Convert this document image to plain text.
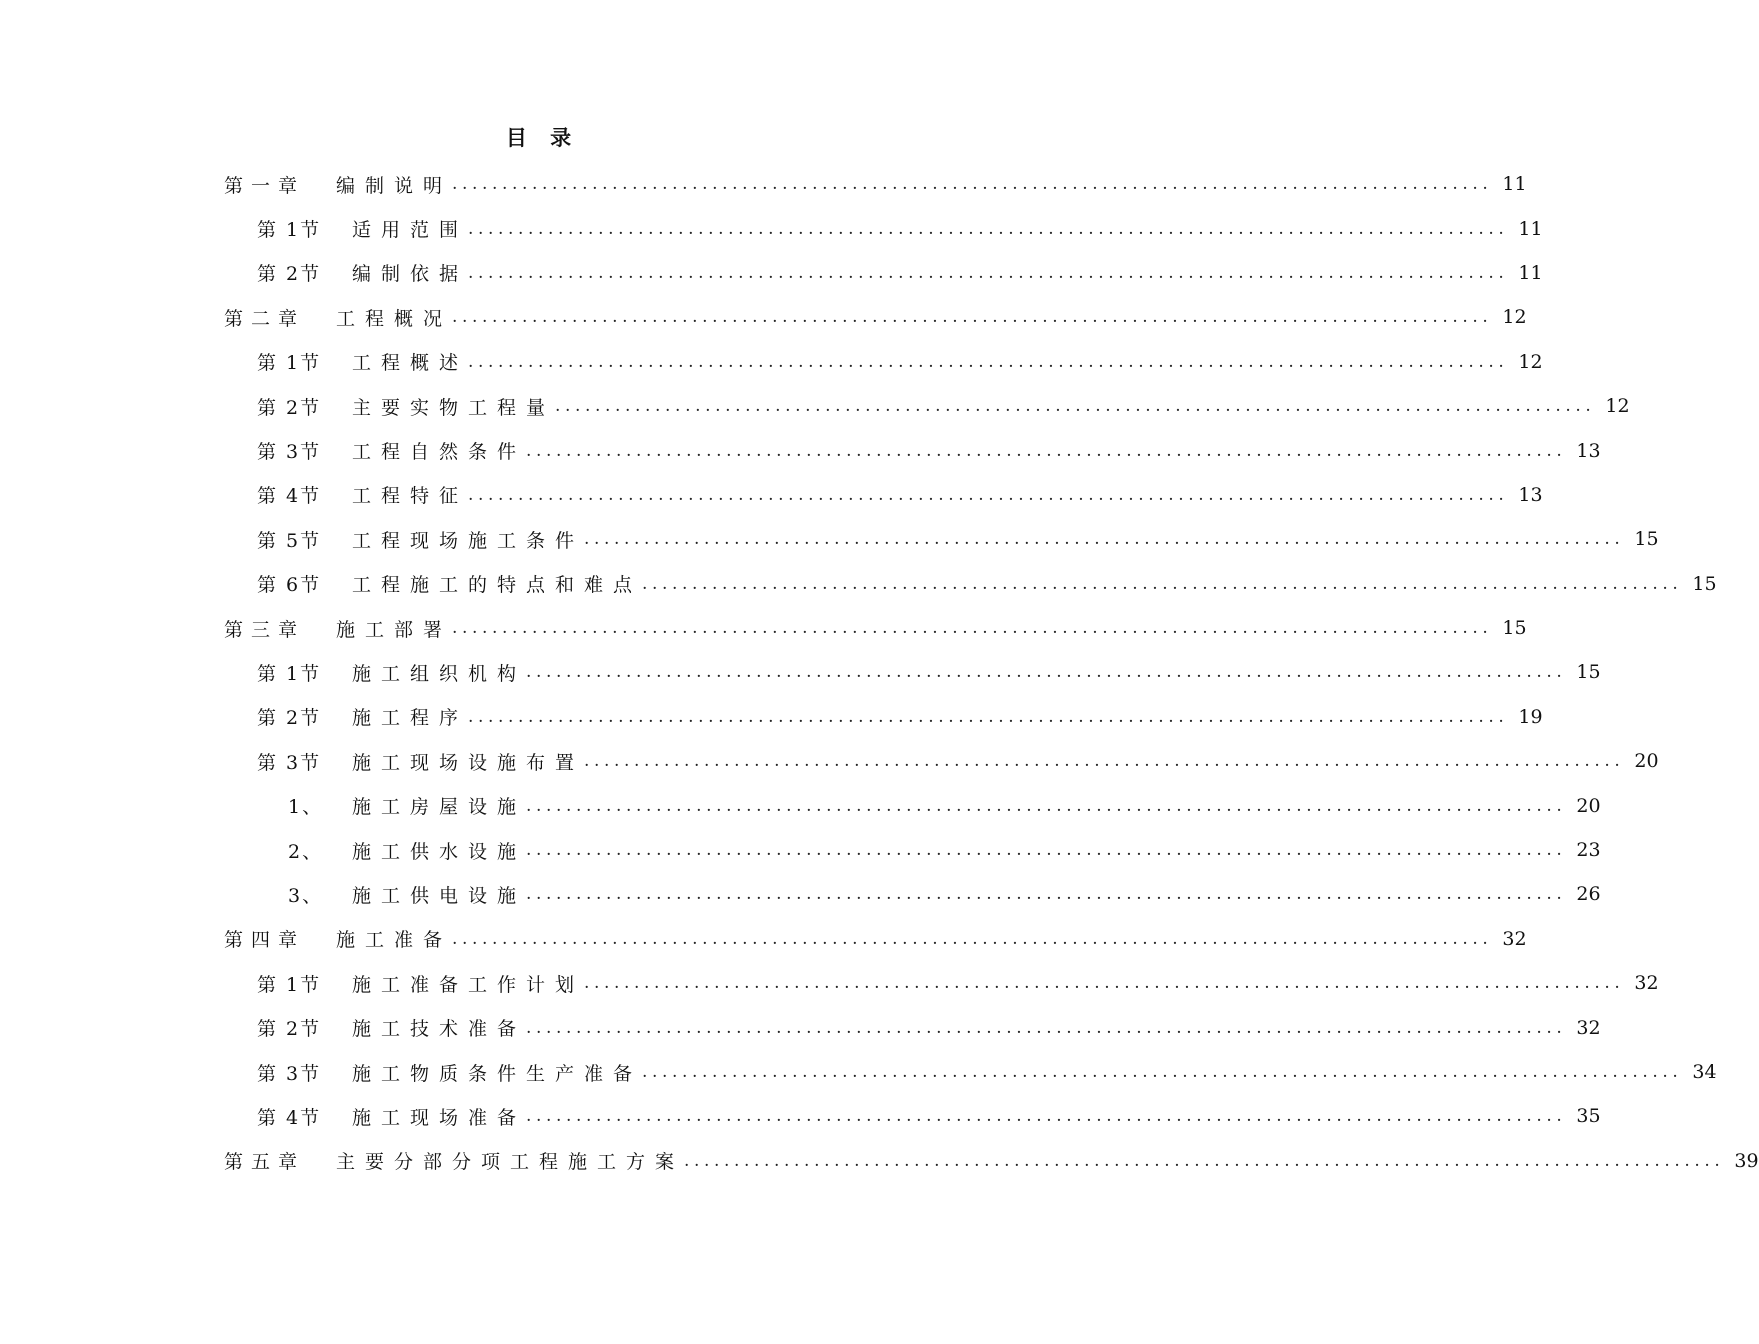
目 录
第一章	编制说明 ........................................................................................................ 11
第 1节	适用范围 ........................................................................................................ 11
第 2节	编制依据 ........................................................................................................ 11
第二章	工程概况 ........................................................................................................ 12
第 1节	工程概述 ........................................................................................................ 12
第 2节	主要实物工程量 ........................................................................................................ 12
第 3节	工程自然条件 ........................................................................................................ 13
第 4节	工程特征 ........................................................................................................ 13
第 5节	工程现场施工条件 ........................................................................................................ 15
第 6节	工程施工的特点和难点 ........................................................................................................ 15
第三章	施工部署 ........................................................................................................ 15
第 1节	施工组织机构 ........................................................................................................ 15
第 2节	施工程序 ........................................................................................................ 19
第 3节	施工现场设施布置 ........................................................................................................ 20
1、	施工房屋设施 ........................................................................................................ 20
2、	施工供水设施 ........................................................................................................ 23
3、	施工供电设施 ........................................................................................................ 26
第四章	施工准备 ........................................................................................................ 32
第 1节	施工准备工作计划 ........................................................................................................ 32
第 2节	施工技术准备 ........................................................................................................ 32
第 3节	施工物质条件生产准备 ........................................................................................................ 34
第 4节	施工现场准备 ........................................................................................................ 35
第五章	主要分部分项工程施工方案 ........................................................................................................ 39
